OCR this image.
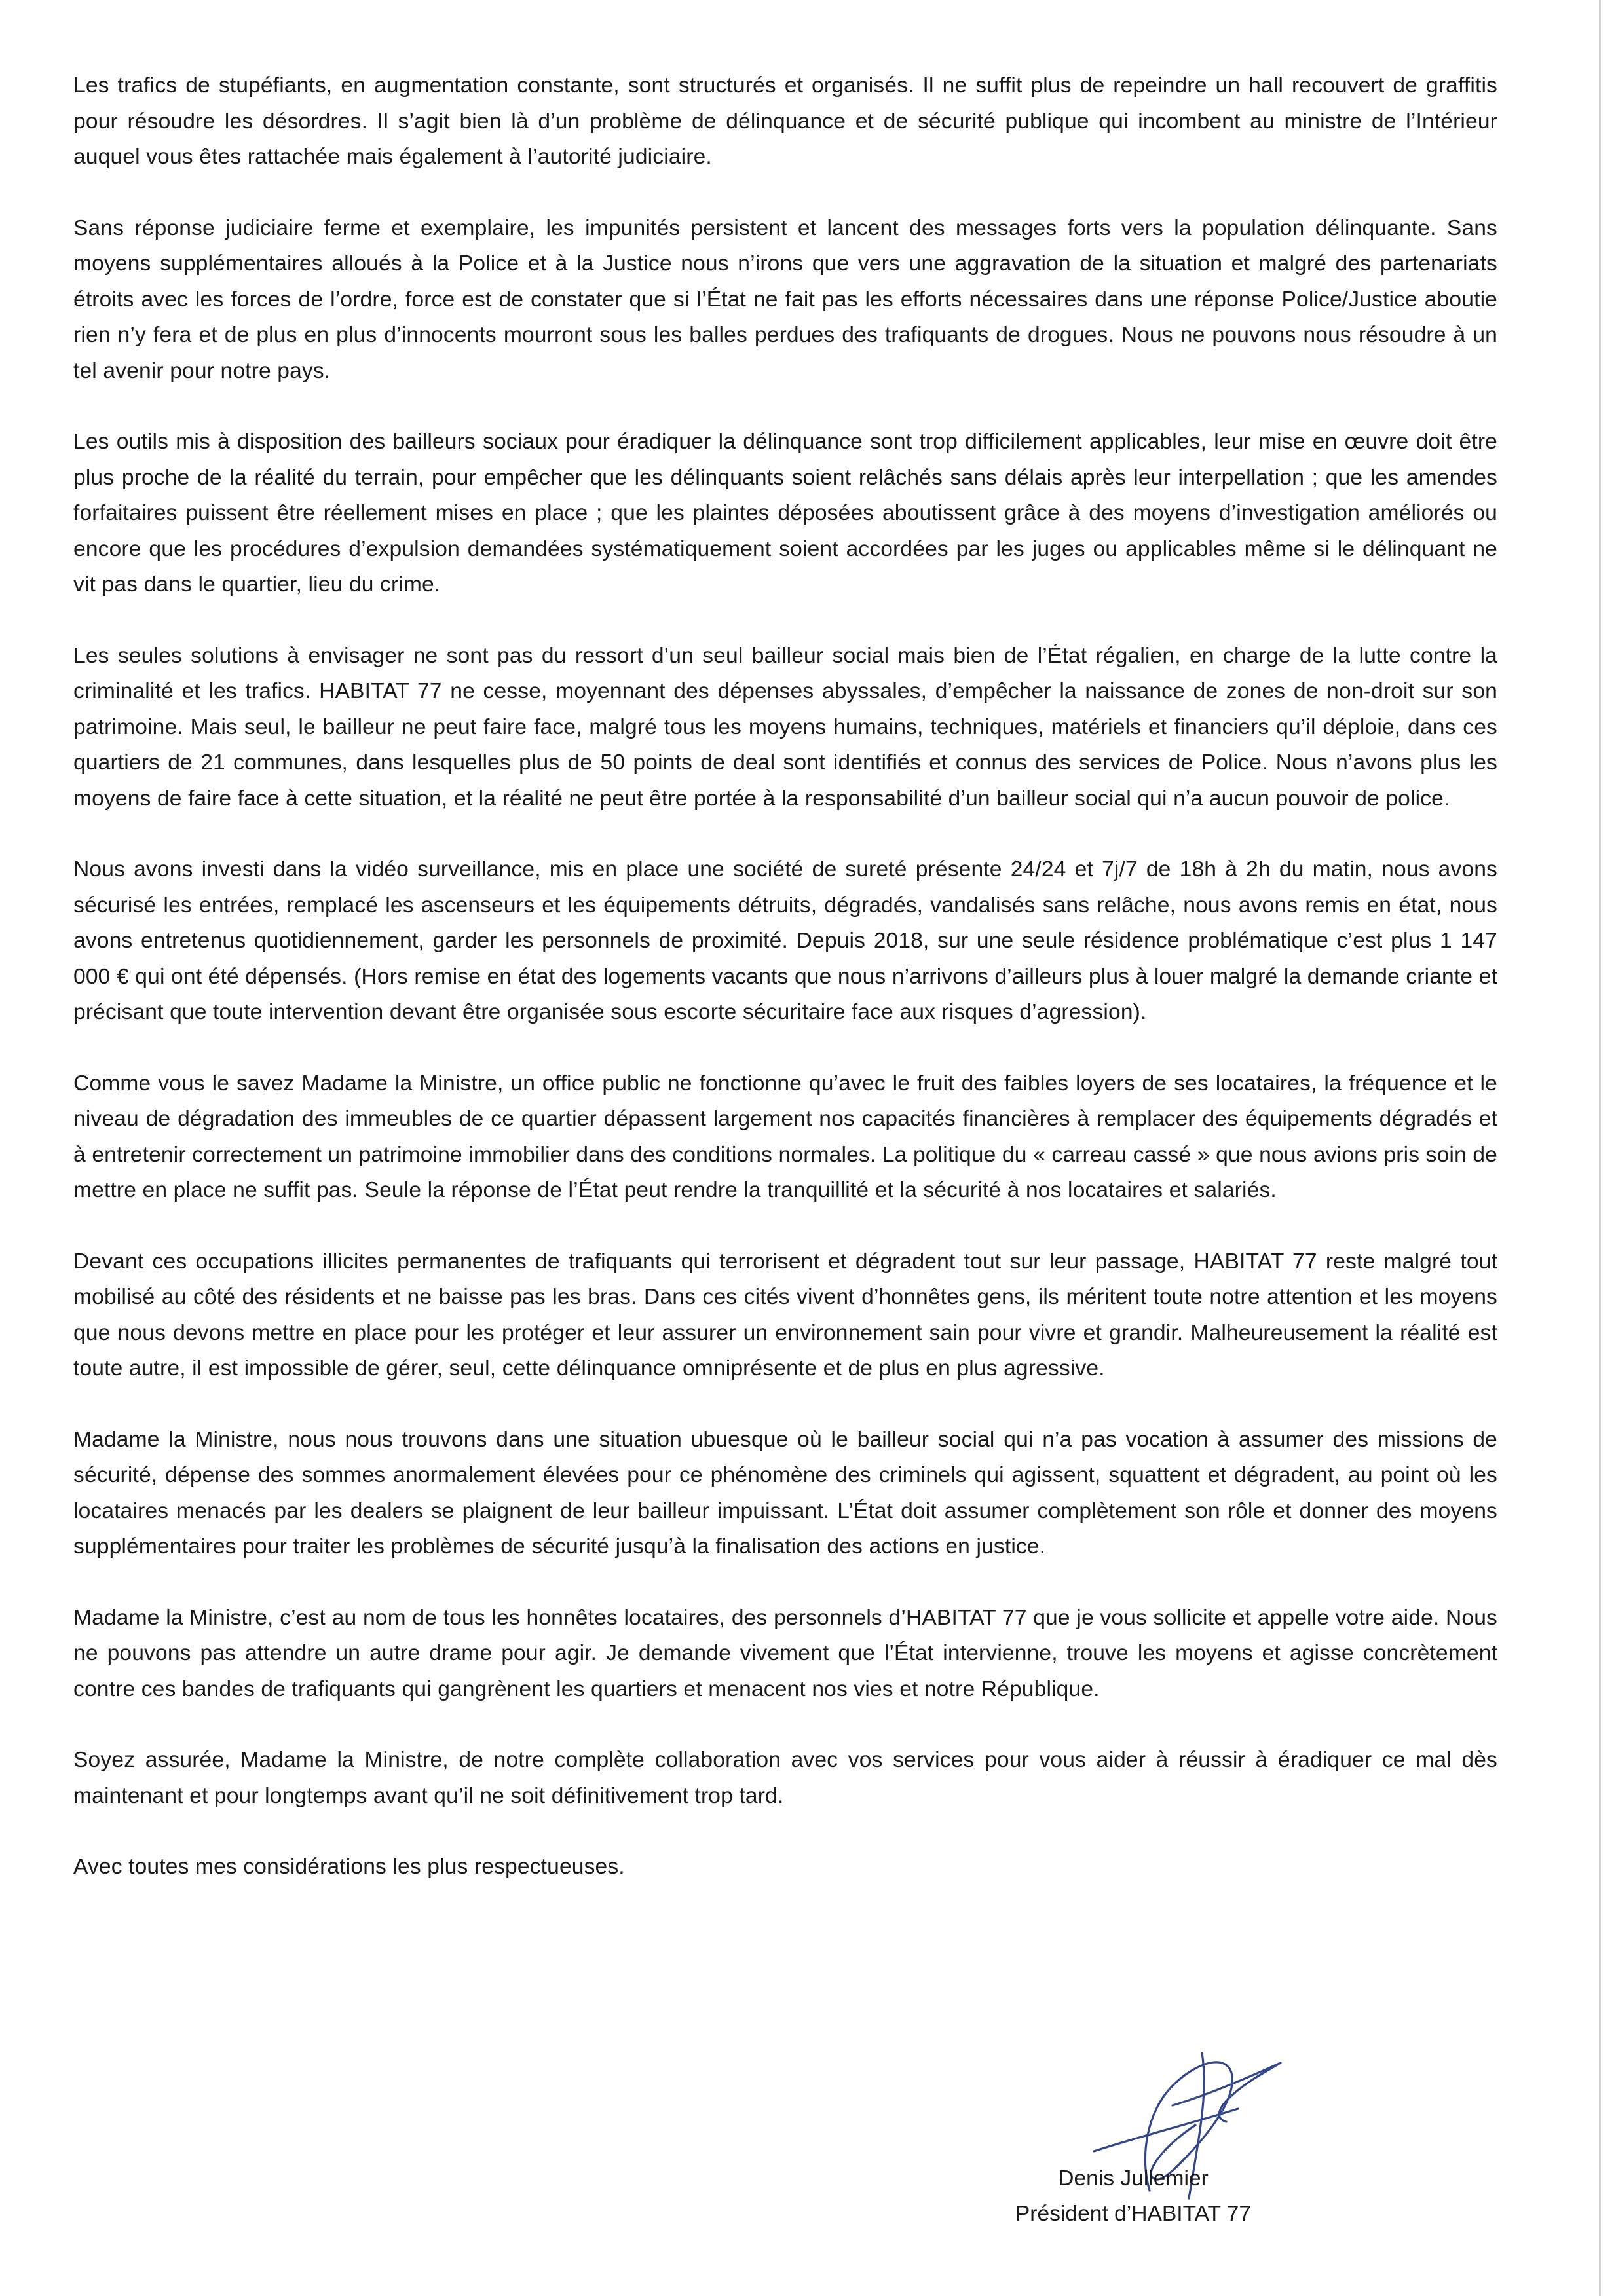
Les trafics de stupéfiants, en augmentation constante, sont structurés et organisés. Il ne suffit plus de repeindre un hall recouvert de graffitis pour résoudre les désordres. Il s’agit bien là d’un problème de délinquance et de sécurité publique qui incombent au ministre de l’Intérieur auquel vous êtes rattachée mais également à l’autorité judiciaire.

Sans réponse judiciaire ferme et exemplaire, les impunités persistent et lancent des messages forts vers la population délinquante. Sans moyens supplémentaires alloués à la Police et à la Justice nous n’irons que vers une aggravation de la situation et malgré des partenariats étroits avec les forces de l’ordre, force est de constater que si l’État ne fait pas les efforts nécessaires dans une réponse Police/Justice aboutie rien n’y fera et de plus en plus d’innocents mourront sous les balles perdues des trafiquants de drogues. Nous ne pouvons nous résoudre à un tel avenir pour notre pays.

Les outils mis à disposition des bailleurs sociaux pour éradiquer la délinquance sont trop difficilement applicables, leur mise en œuvre doit être plus proche de la réalité du terrain, pour empêcher que les délinquants soient relâchés sans délais après leur interpellation ; que les amendes forfaitaires puissent être réellement mises en place ; que les plaintes déposées aboutissent grâce à des moyens d’investigation améliorés ou encore que les procédures d’expulsion demandées systématiquement soient accordées par les juges ou applicables même si le délinquant ne vit pas dans le quartier, lieu du crime.

Les seules solutions à envisager ne sont pas du ressort d’un seul bailleur social mais bien de l’État régalien, en charge de la lutte contre la criminalité et les trafics. HABITAT 77 ne cesse, moyennant des dépenses abyssales, d’empêcher la naissance de zones de non-droit sur son patrimoine. Mais seul, le bailleur ne peut faire face, malgré tous les moyens humains, techniques, matériels et financiers qu’il déploie, dans ces quartiers de 21 communes, dans lesquelles plus de 50 points de deal sont identifiés et connus des services de Police. Nous n’avons plus les moyens de faire face à cette situation, et la réalité ne peut être portée à la responsabilité d’un bailleur social qui n’a aucun pouvoir de police.

Nous avons investi dans la vidéo surveillance, mis en place une société de sureté présente 24/24 et 7j/7 de 18h à 2h du matin, nous avons sécurisé les entrées, remplacé les ascenseurs et les équipements détruits, dégradés, vandalisés sans relâche, nous avons remis en état, nous avons entretenus quotidiennement, garder les personnels de proximité. Depuis 2018, sur une seule résidence problématique c’est plus 1 147 000 € qui ont été dépensés. (Hors remise en état des logements vacants que nous n’arrivons d’ailleurs plus à louer malgré la demande criante et précisant que toute intervention devant être organisée sous escorte sécuritaire face aux risques d’agression).

Comme vous le savez Madame la Ministre, un office public ne fonctionne qu’avec le fruit des faibles loyers de ses locataires, la fréquence et le niveau de dégradation des immeubles de ce quartier dépassent largement nos capacités financières à remplacer des équipements dégradés et à entretenir correctement un patrimoine immobilier dans des conditions normales. La politique du « carreau cassé » que nous avions pris soin de mettre en place ne suffit pas. Seule la réponse de l’État peut rendre la tranquillité et la sécurité à nos locataires et salariés.

Devant ces occupations illicites permanentes de trafiquants qui terrorisent et dégradent tout sur leur passage, HABITAT 77 reste malgré tout mobilisé au côté des résidents et ne baisse pas les bras. Dans ces cités vivent d’honnêtes gens, ils méritent toute notre attention et les moyens que nous devons mettre en place pour les protéger et leur assurer un environnement sain pour vivre et grandir. Malheureusement la réalité est toute autre, il est impossible de gérer, seul, cette délinquance omniprésente et de plus en plus agressive.

Madame la Ministre, nous nous trouvons dans une situation ubuesque où le bailleur social qui n’a pas vocation à assumer des missions de sécurité, dépense des sommes anormalement élevées pour ce phénomène des criminels qui agissent, squattent et dégradent, au point où les locataires menacés par les dealers se plaignent de leur bailleur impuissant. L’État doit assumer complètement son rôle et donner des moyens supplémentaires pour traiter les problèmes de sécurité jusqu’à la finalisation des actions en justice.

Madame la Ministre, c’est au nom de tous les honnêtes locataires, des personnels d’HABITAT 77 que je vous sollicite et appelle votre aide. Nous ne pouvons pas attendre un autre drame pour agir. Je demande vivement que l’État intervienne, trouve les moyens et agisse concrètement contre ces bandes de trafiquants qui gangrènent les quartiers et menacent nos vies et notre République.

Soyez assurée, Madame la Ministre, de notre complète collaboration avec vos services pour vous aider à réussir à éradiquer ce mal dès maintenant et pour longtemps avant qu’il ne soit définitivement trop tard.

Avec toutes mes considérations les plus respectueuses.

Denis Jullemier
Président d’HABITAT 77
